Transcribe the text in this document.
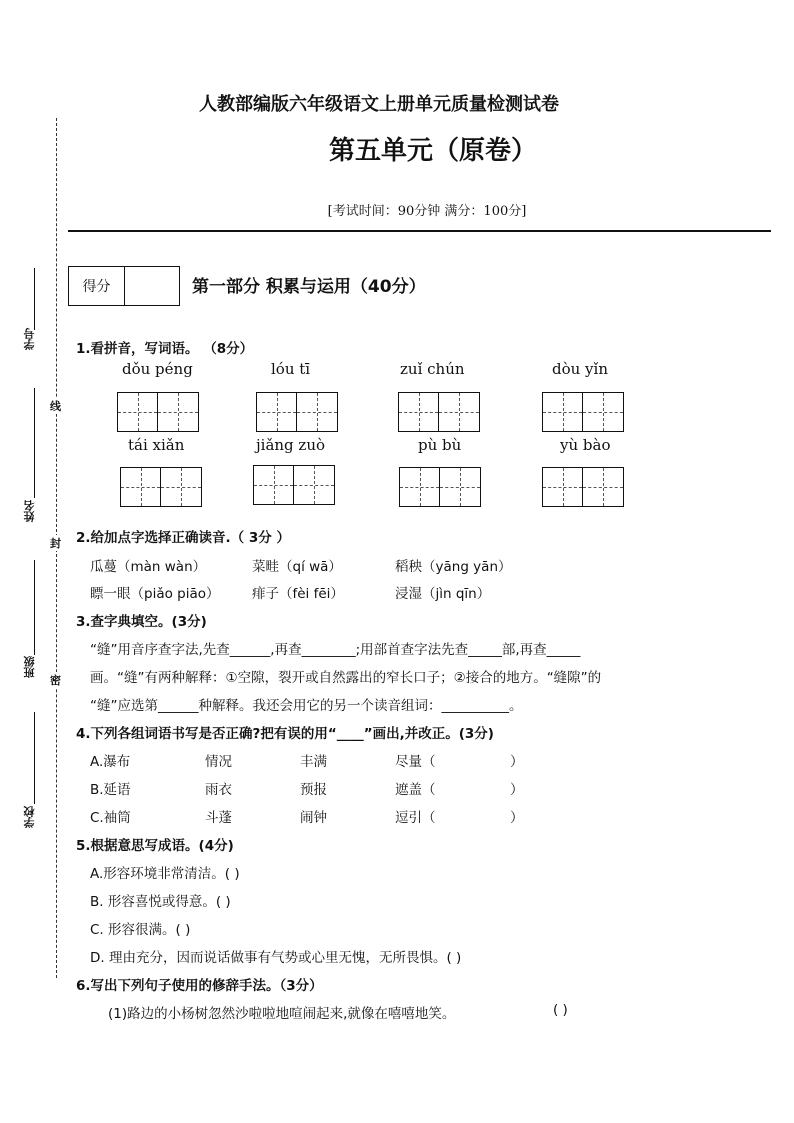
线
封
密
学号
姓名
班级
学校
人教部编版六年级语文上册单元质量检测试卷
第五单元（原卷）
[考试时间：90分钟 满分：100分]
得分	第一部分 积累与运用（40分）
1.看拼音，写词语。 （8分）
dǒu péng	lóu tī	zuǐ chún	dòu yǐn
tái xiǎn	jiǎng zuò	pù bù	yù bào
2.给加点字选择正确读音.（ 3分 ）
瓜蔓（màn wàn）	菜畦（qí wā）	稻秧（yāng yān）
瞟一眼（piǎo piāo） 痱子（fèi fēi）	浸湿（jìn qīn）
3.查字典填空。(3分)
“缝”用音序查字法,先查______,再查________;用部首查字法先查_____部,再查_____
画。“缝”有两种解释：①空隙，裂开或自然露出的窄长口子；②接合的地方。“缝隙”的
“缝”应选第______种解释。我还会用它的另一个读音组词：__________。
4.下列各组词语书写是否正确?把有误的用“____”画出,并改正。(3分)
A.瀑布	情况	丰满	尽量（	）
B.延语	雨衣	预报	遮盖（	）
C.袖筒	斗蓬	闹钟	逗引（	）
5.根据意思写成语。(4分)
A.形容环境非常清洁。( )
B. 形容喜悦或得意。( )
C. 形容很满。( )
D. 理由充分，因而说话做事有气势或心里无愧，无所畏惧。( )
6.写出下列句子使用的修辞手法。（3分）
(1)路边的小杨树忽然沙啦啦地喧闹起来,就像在嘻嘻地笑。	( )
